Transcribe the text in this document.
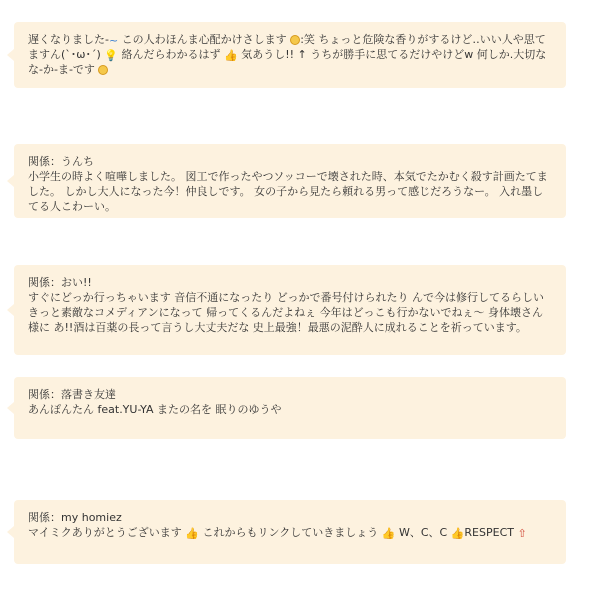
遅くなりました-~ この人わほんま心配かけさします :笑 ちょっと危険な香りがするけど‥いい人や思てますん(`･ω･´) 💡 絡んだらわかるはず 👍 気あうし!! ↑ うちが勝手に思てるだけやけどw 何しか.大切なな-か-ま-です

関係：うんち

小学生の時よく喧嘩しました。 図工で作ったやつソッコーで壊された時、本気でたかむく殺す計画たてました。 しかし大人になった今！仲良しです。 女の子から見たら頼れる男って感じだろうなー。 入れ墨してる人こわーい。

関係：おい!!

すぐにどっか行っちゃいます 音信不通になったり どっかで番号付けられたり んで今は修行してるらしい きっと素敵なコメディアンになって 帰ってくるんだよねぇ 今年はどっこも行かないでねぇ〜 身体壊さん様に あ!!酒は百薬の長って言うし大丈夫だな 史上最強！最悪の泥酔人に成れることを祈っています。

関係：落書き友達

あんぽんたん feat.YU-YA またの名を 眠りのゆうや

関係：my homiez

マイミクありがとうございます 👍 これからもリンクしていきましょう 👍 W、C、C 👍RESPECT ⇧
